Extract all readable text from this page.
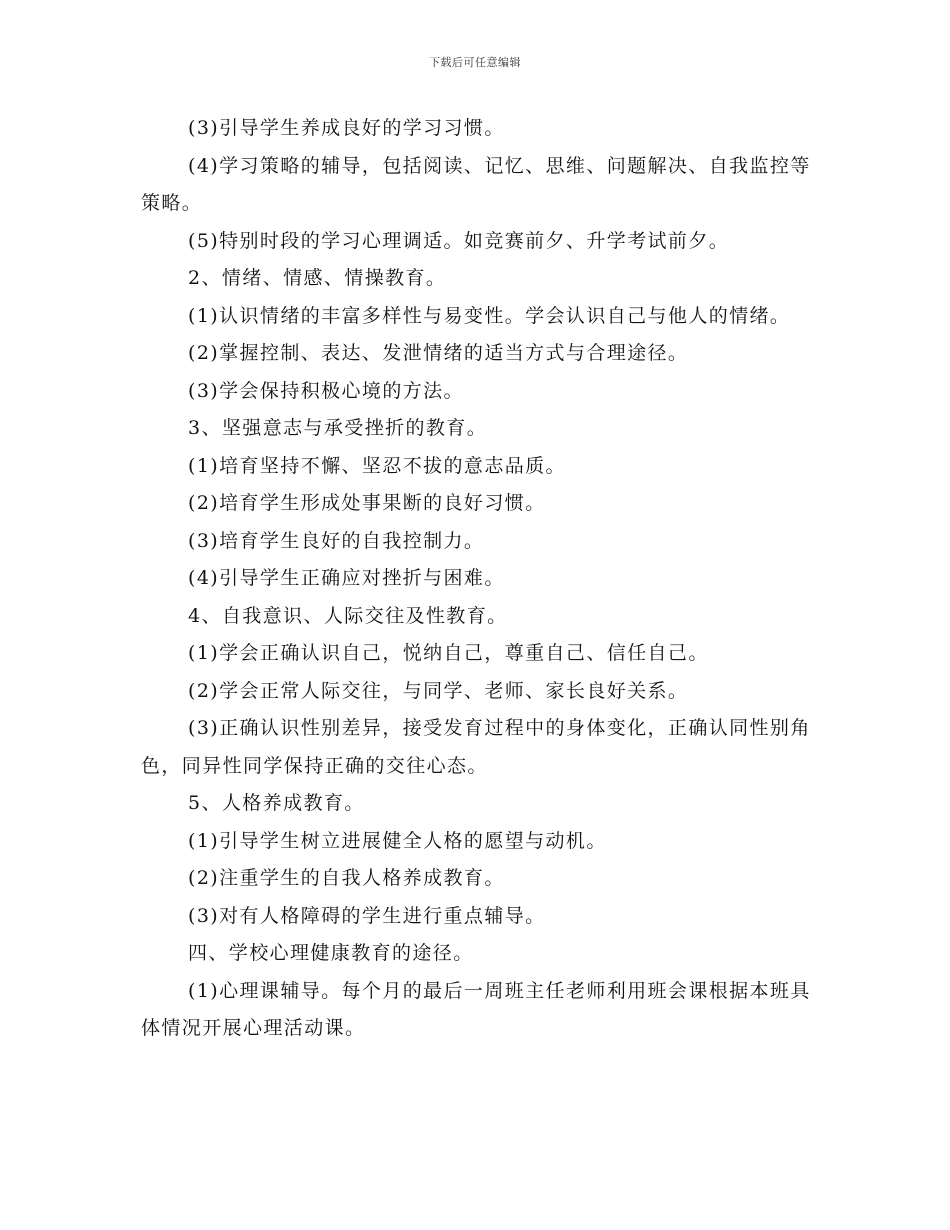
下载后可任意编辑

(3)引导学生养成良好的学习习惯。

(4)学习策略的辅导，包括阅读、记忆、思维、问题解决、自我监控等策略。

(5)特别时段的学习心理调适。如竞赛前夕、升学考试前夕。

2、情绪、情感、情操教育。

(1)认识情绪的丰富多样性与易变性。学会认识自己与他人的情绪。

(2)掌握控制、表达、发泄情绪的适当方式与合理途径。

(3)学会保持积极心境的方法。

3、坚强意志与承受挫折的教育。

(1)培育坚持不懈、坚忍不拔的意志品质。

(2)培育学生形成处事果断的良好习惯。

(3)培育学生良好的自我控制力。

(4)引导学生正确应对挫折与困难。

4、自我意识、人际交往及性教育。

(1)学会正确认识自己，悦纳自己，尊重自己、信任自己。

(2)学会正常人际交往，与同学、老师、家长良好关系。

(3)正确认识性别差异，接受发育过程中的身体变化，正确认同性别角色，同异性同学保持正确的交往心态。

5、人格养成教育。

(1)引导学生树立进展健全人格的愿望与动机。

(2)注重学生的自我人格养成教育。

(3)对有人格障碍的学生进行重点辅导。

四、学校心理健康教育的途径。

(1)心理课辅导。每个月的最后一周班主任老师利用班会课根据本班具体情况开展心理活动课。
